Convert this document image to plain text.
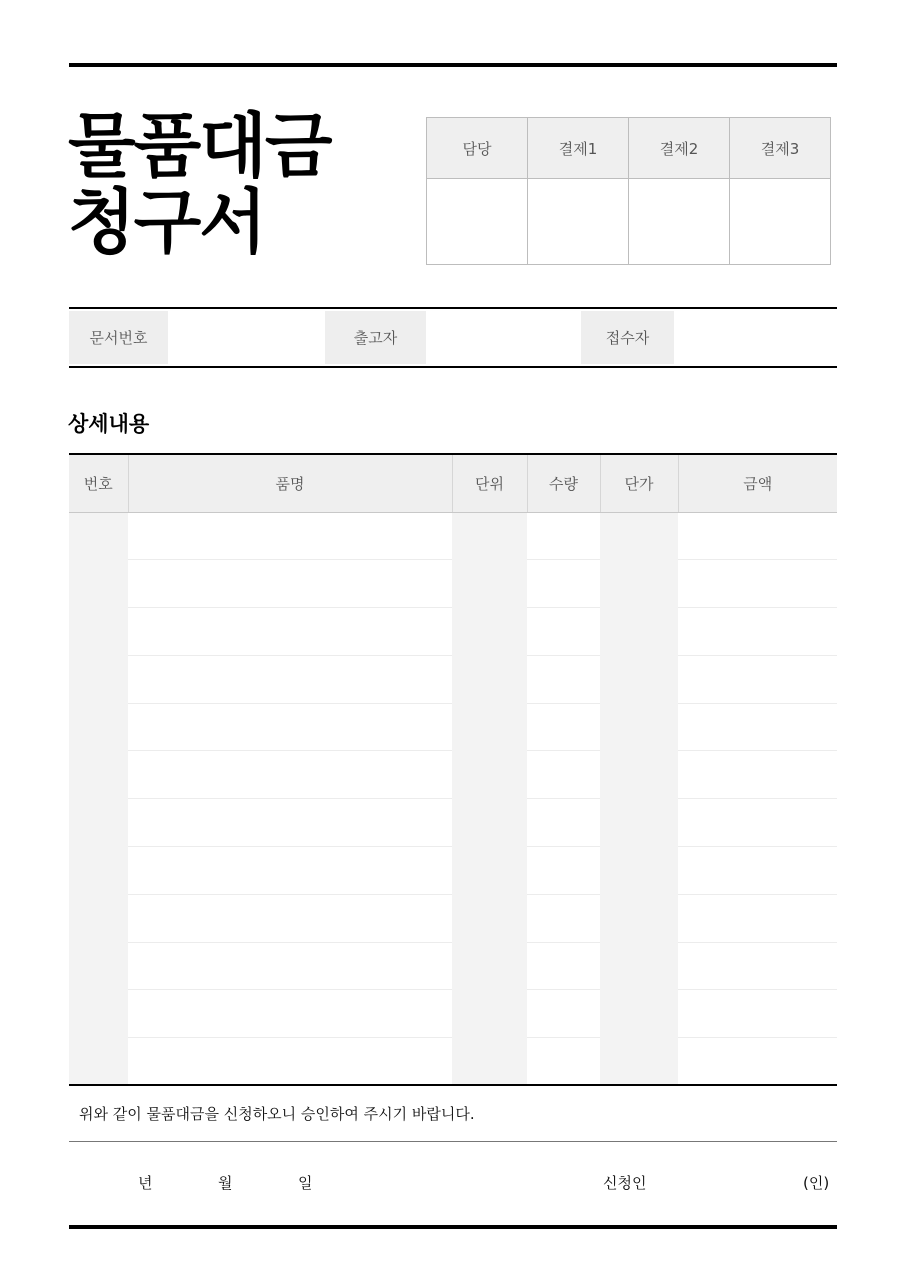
물품대금
청구서
담당	결제1	결제2	결제3

문서번호	출고자	접수자
상세내용
번호	품명	단위	수량	단가	금액

위와 같이 물품대금을 신청하오니 승인하여 주시기 바랍니다.
년	월	일	신청인	(인)
